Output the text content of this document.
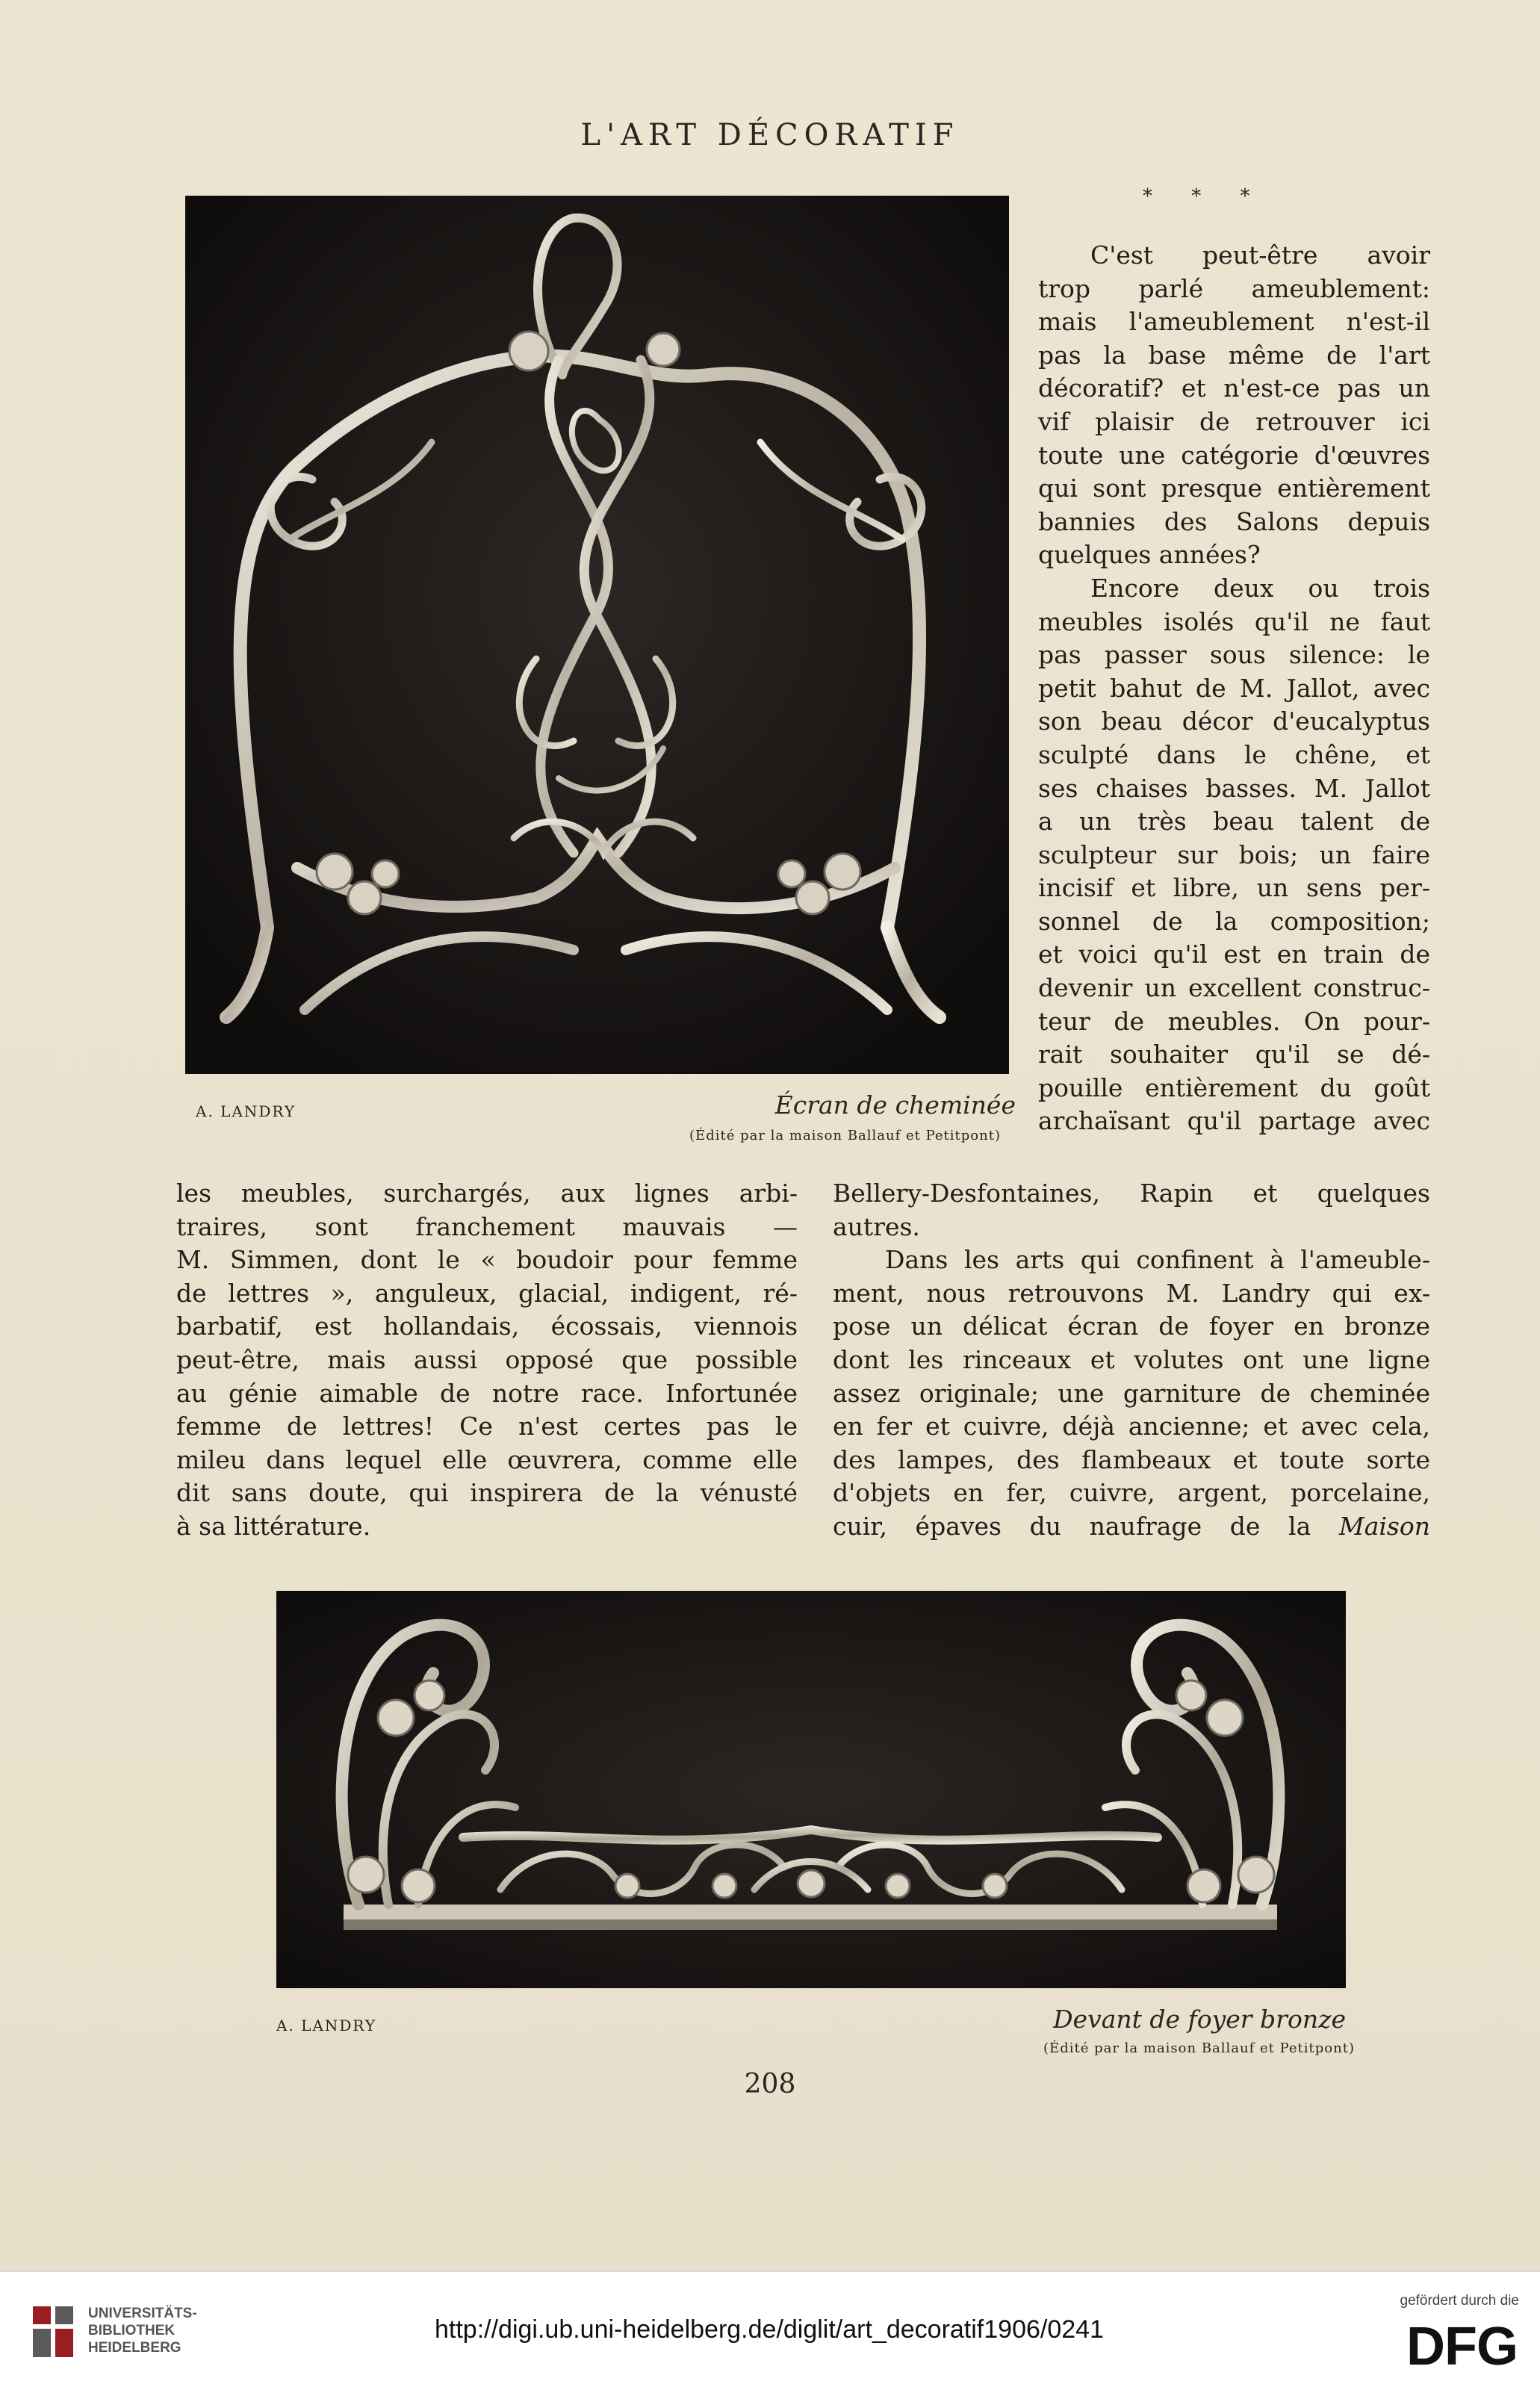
L'ART DÉCORATIF
A. LANDRY	Écran de cheminée
(Édité par la maison Ballauf et Petitpont)
* * *
C'est peut-être avoir
trop parlé ameublement:
mais l'ameublement n'est-il
pas la base même de l'art
décoratif? et n'est-ce pas un
vif plaisir de retrouver ici
toute une catégorie d'œuvres
qui sont presque entièrement
bannies des Salons depuis
quelques années?
Encore deux ou trois
meubles isolés qu'il ne faut
pas passer sous silence: le
petit bahut de M. Jallot, avec
son beau décor d'eucalyptus
sculpté dans le chêne, et
ses chaises basses. M. Jallot
a un très beau talent de
sculpteur sur bois; un faire
incisif et libre, un sens per-
sonnel de la composition;
et voici qu'il est en train de
devenir un excellent construc-
teur de meubles. On pour-
rait souhaiter qu'il se dé-
pouille entièrement du goût
archaïsant qu'il partage avec
les meubles, surchargés, aux lignes arbi-
traires, sont franchement mauvais —
M. Simmen, dont le « boudoir pour femme
de lettres », anguleux, glacial, indigent, ré-
barbatif, est hollandais, écossais, viennois
peut-être, mais aussi opposé que possible
au génie aimable de notre race. Infortunée
femme de lettres! Ce n'est certes pas le
mileu dans lequel elle œuvrera, comme elle
dit sans doute, qui inspirera de la vénusté
à sa littérature.
Bellery-Desfontaines, Rapin et quelques
autres.
Dans les arts qui confinent à l'ameuble-
ment, nous retrouvons M. Landry qui ex-
pose un délicat écran de foyer en bronze
dont les rinceaux et volutes ont une ligne
assez originale; une garniture de cheminée
en fer et cuivre, déjà ancienne; et avec cela,
des lampes, des flambeaux et toute sorte
d'objets en fer, cuivre, argent, porcelaine,
cuir, épaves du naufrage de la Maison
A. LANDRY	Devant de foyer bronze
(Édité par la maison Ballauf et Petitpont)
208
UNIVERSITÄTS-
BIBLIOTHEK
HEIDELBERG
http://digi.ub.uni-heidelberg.de/diglit/art_decoratif1906/0241
gefördert durch die
DFG
